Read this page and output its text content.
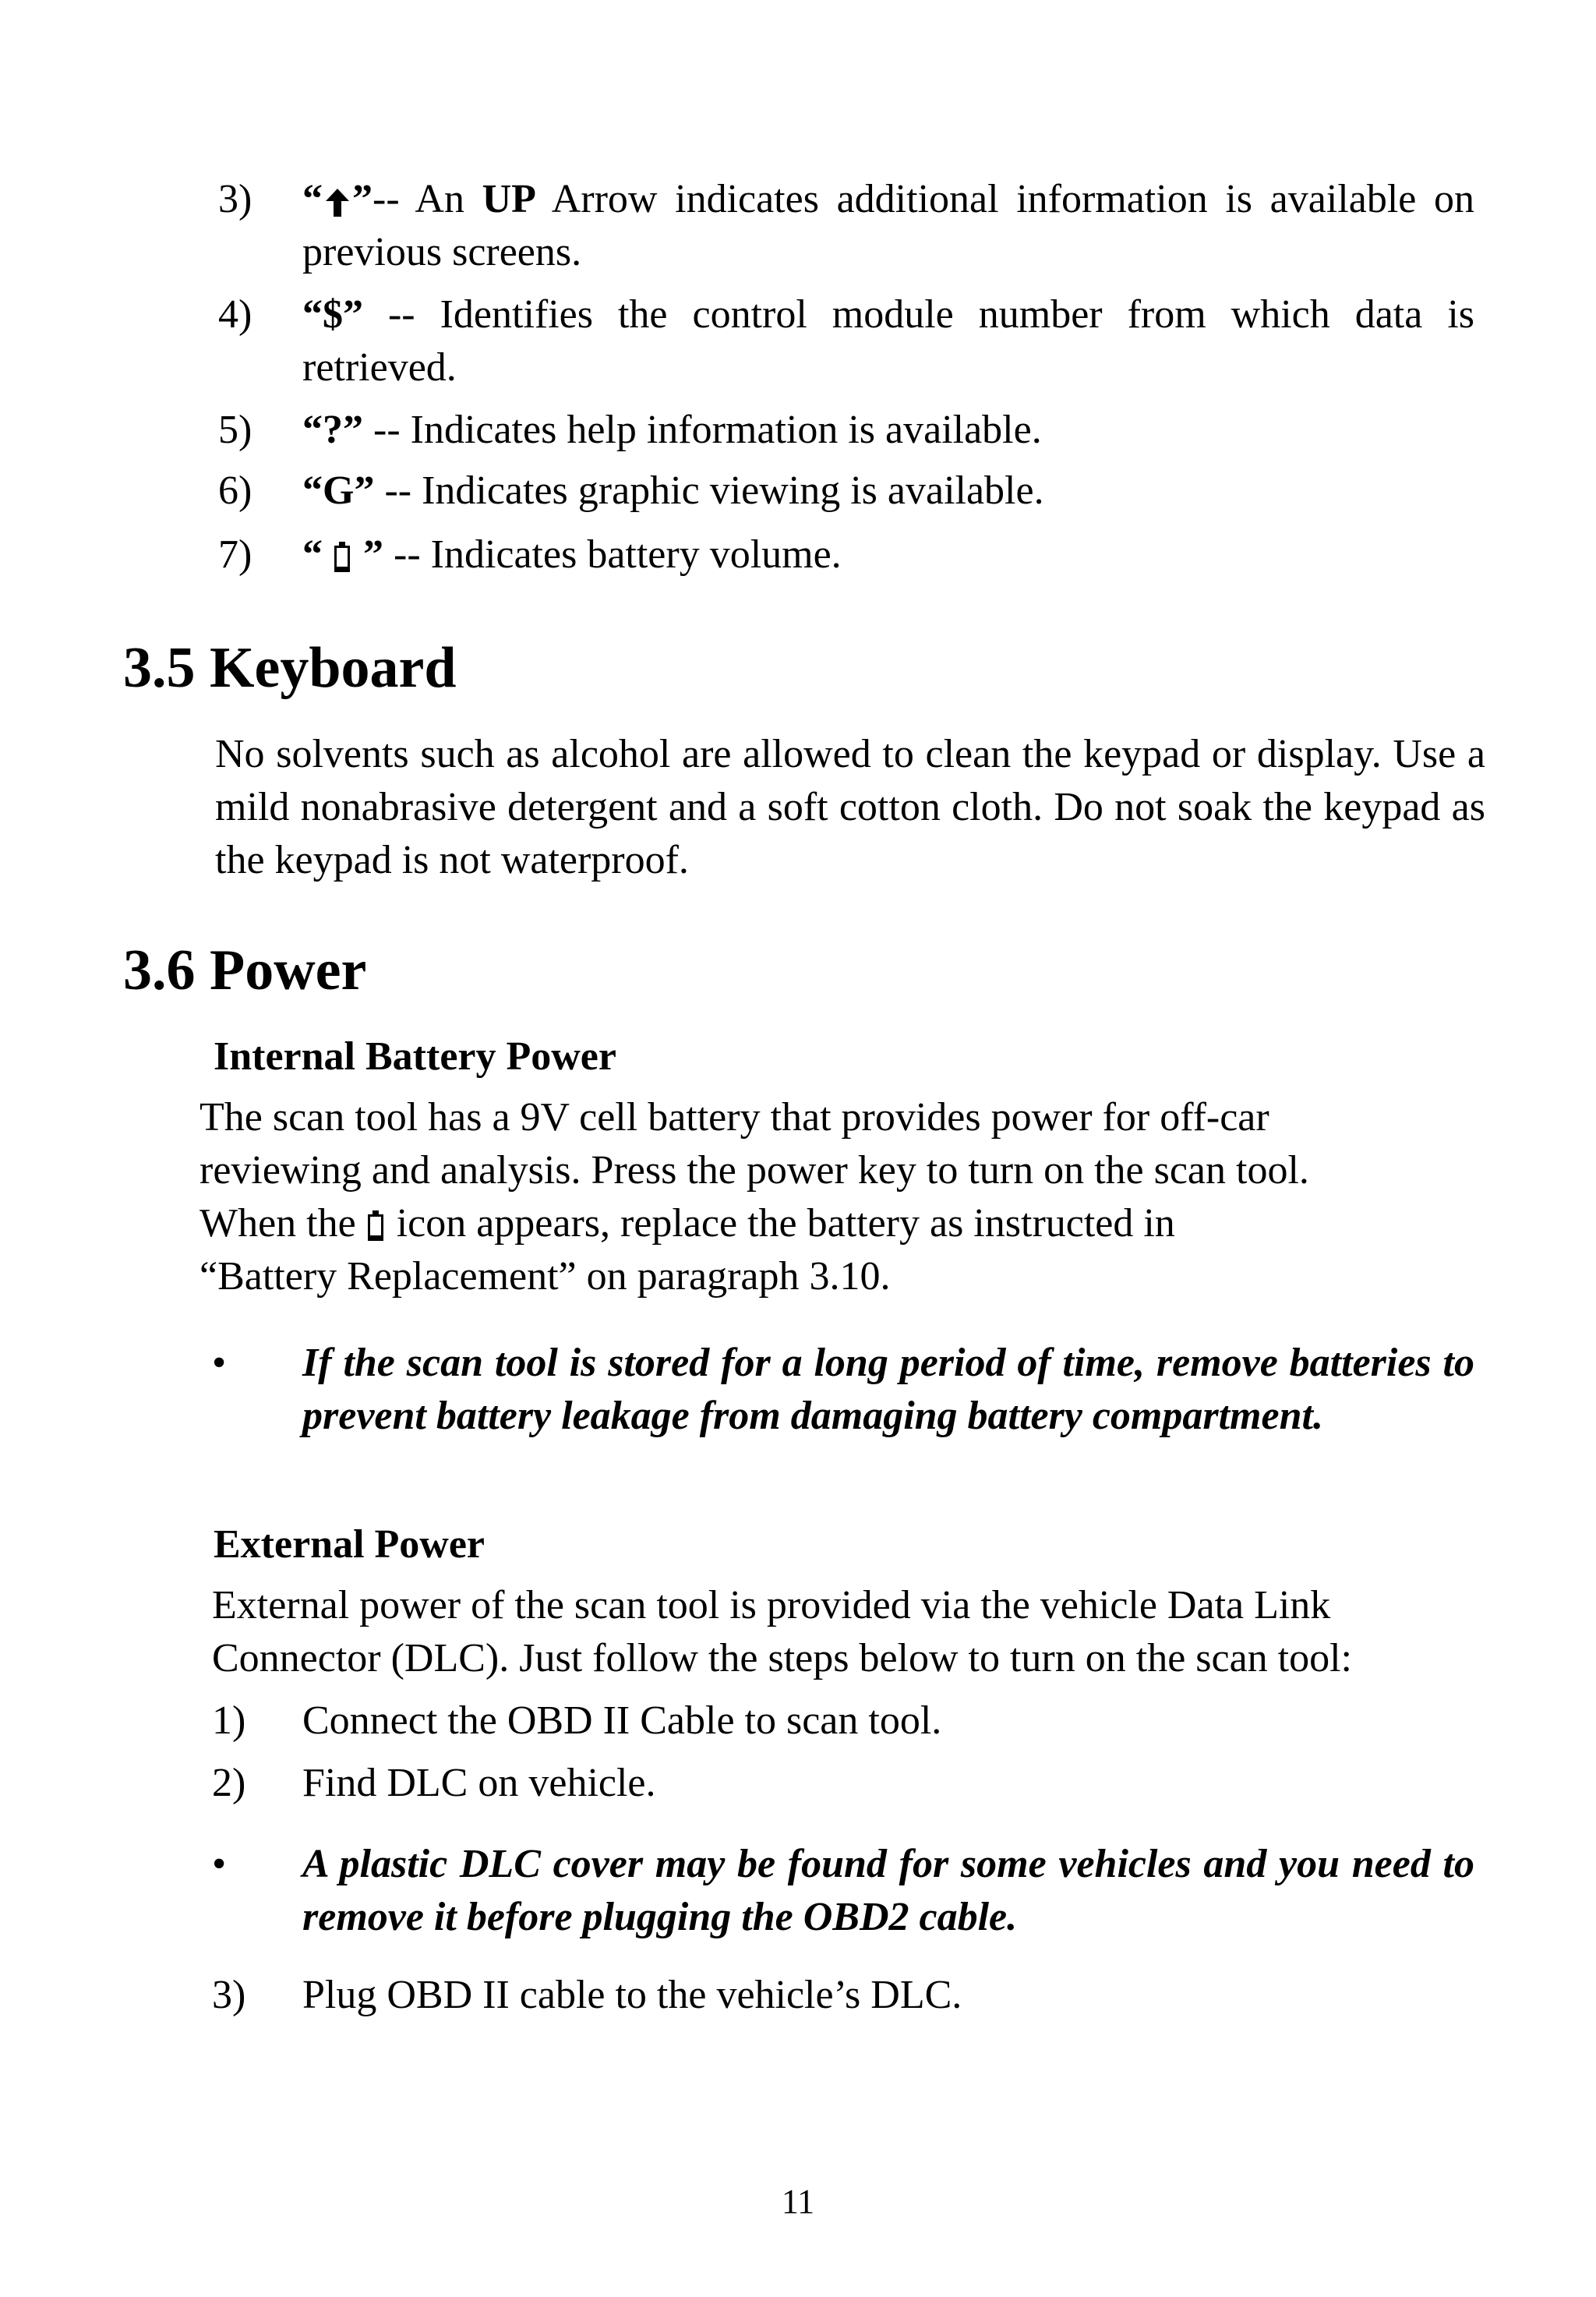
3) “ ”-- An UP Arrow indicates additional information is available on previous screens.
4) “$” -- Identifies the control module number from which data is retrieved.
5) “?” -- Indicates help information is available.
6) “G” -- Indicates graphic viewing is available.
7) “ ” -- Indicates battery volume.
3.5 Keyboard

No solvents such as alcohol are allowed to clean the keypad or display. Use a mild nonabrasive detergent and a soft cotton cloth. Do not soak the keypad as the keypad is not waterproof.

3.6 Power
Internal Battery Power
The scan tool has a 9V cell battery that provides power for off-car
reviewing and analysis. Press the power key to turn on the scan tool.
When the icon appears, replace the battery as instructed in
“Battery Replacement” on paragraph 3.10.
• If the scan tool is stored for a long period of time, remove batteries to prevent battery leakage from damaging battery compartment.
External Power
External power of the scan tool is provided via the vehicle Data Link
Connector (DLC). Just follow the steps below to turn on the scan tool:
1) Connect the OBD II Cable to scan tool.
2) Find DLC on vehicle.
• A plastic DLC cover may be found for some vehicles and you need to remove it before plugging the OBD2 cable.
3) Plug OBD II cable to the vehicle’s DLC.
11
